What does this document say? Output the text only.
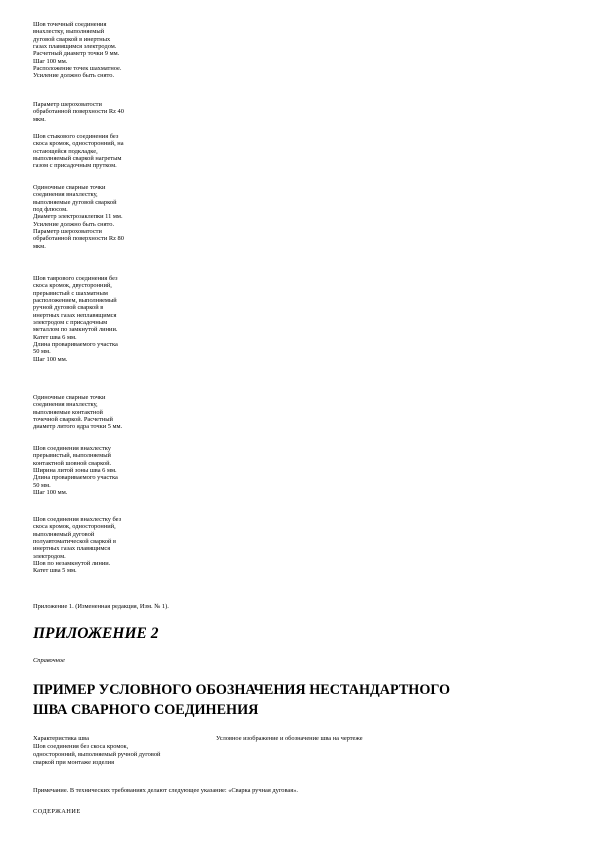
Шов точечный соединения
внахлестку, выполняемый
дуговой сваркой в инертных
газах плавящимся электродом.
Расчетный диаметр точки 9 мм.
Шаг 100 мм.
Расположение точек шахматное.
Усиление должно быть снято.
Параметр шероховатости
обработанной поверхности Rz 40
мкм.
Шов стыкового соединения без
скоса кромок, односторонний, на
остающейся подкладке,
выполняемый сваркой нагретым
газом с присадочным прутком.
Одиночные сварные точки
соединения внахлестку,
выполняемые дуговой сваркой
под флюсом.
Диаметр электрозаклепки 11 мм.
Усиление должно быть снято.
Параметр шероховатости
обработанной поверхности Rz 80
мкм.
Шов таврового соединения без
скоса кромок, двусторонний,
прерывистый с шахматным
расположением, выполняемый
ручной дуговой сваркой в
инертных газах неплавящимся
электродом с присадочным
металлом по замкнутой линии.
Катет шва 6 мм.
Длина провариваемого участка
50 мм.
Шаг 100 мм.
Одиночные сварные точки
соединения внахлестку,
выполняемые контактной
точечной сваркой. Расчетный
диаметр литого ядра точки 5 мм.
Шов соединения внахлестку
прерывистый, выполняемый
контактной шовной сваркой.
Ширина литой зоны шва 6 мм.
Длина провариваемого участка
50 мм.
Шаг 100 мм.
Шов соединения внахлестку без
скоса кромок, односторонний,
выполняемый дуговой
полуавтоматической сваркой в
инертных газах плавящимся
электродом.
Шов по незамкнутой линии.
Катет шва 5 мм.
Приложение 1. (Измененная редакция, Изм. № 1).
ПРИЛОЖЕНИЕ 2
Справочное
ПРИМЕР УСЛОВНОГО ОБОЗНАЧЕНИЯ НЕСТАНДАРТНОГО
ШВА СВАРНОГО СОЕДИНЕНИЯ
Характеристика шва	Условное изображение и обозначение шва на чертеже
Шов соединения без скоса кромок,
односторонний, выполняемый ручной дуговой
сваркой при монтаже изделия
Примечание. В технических требованиях делают следующее указание: «Сварка ручная дуговая».
СОДЕРЖАНИЕ
